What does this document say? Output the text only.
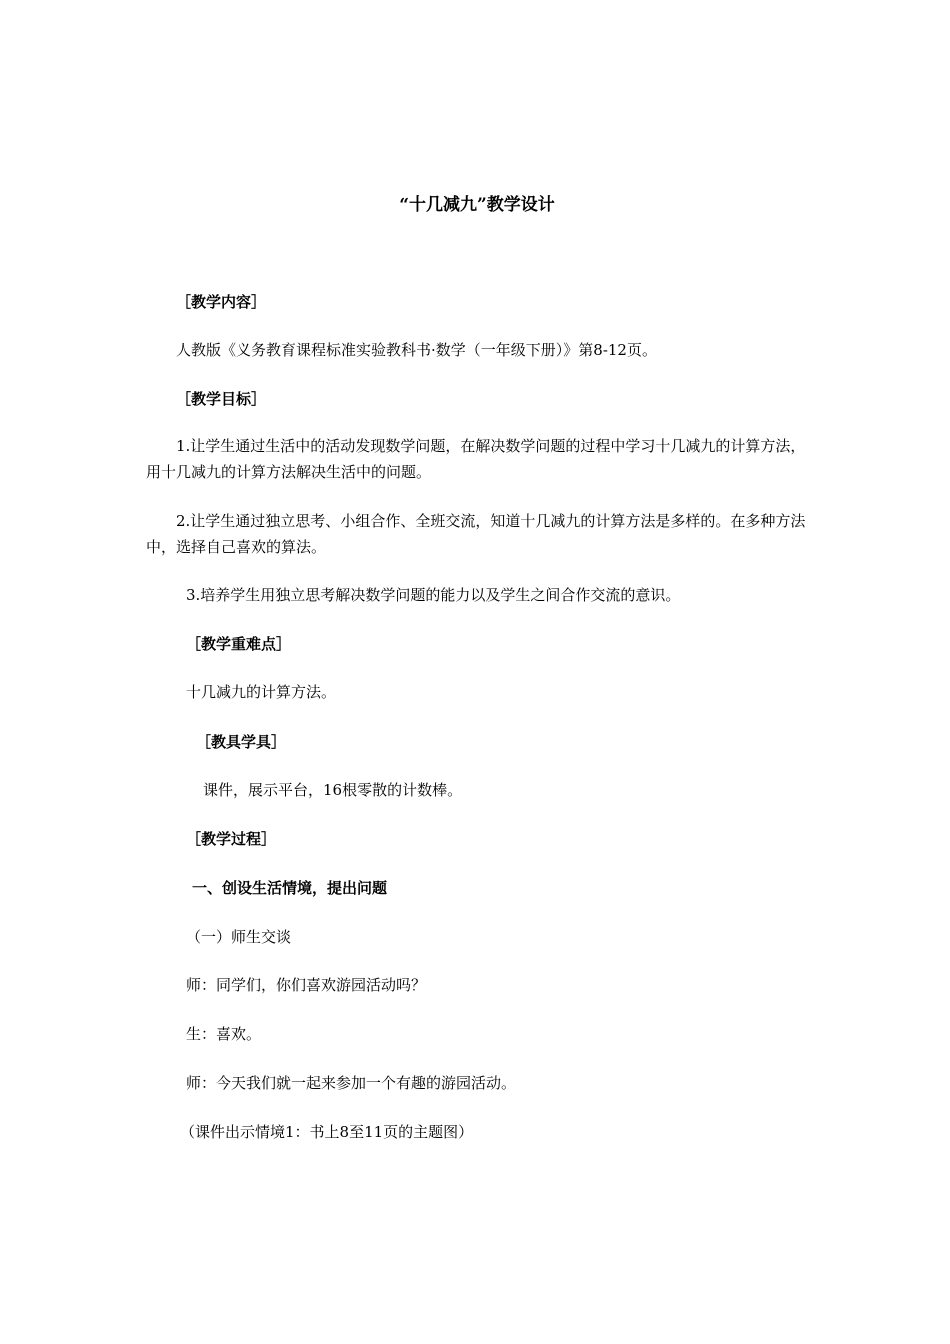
“十几减九”教学设计

［教学内容］

人教版《义务教育课程标准实验教科书·数学（一年级下册）》第8-12页。

［教学目标］

1.让学生通过生活中的活动发现数学问题，在解决数学问题的过程中学习十几减九的计算方法，用十几减九的计算方法解决生活中的问题。

2.让学生通过独立思考、小组合作、全班交流，知道十几减九的计算方法是多样的。在多种方法中，选择自己喜欢的算法。

3.培养学生用独立思考解决数学问题的能力以及学生之间合作交流的意识。

［教学重难点］

十几减九的计算方法。

［教具学具］

课件，展示平台，16根零散的计数棒。

［教学过程］

一、创设生活情境，提出问题

（一）师生交谈

师：同学们，你们喜欢游园活动吗？

生：喜欢。

师：今天我们就一起来参加一个有趣的游园活动。

（课件出示情境1：书上8至11页的主题图）
